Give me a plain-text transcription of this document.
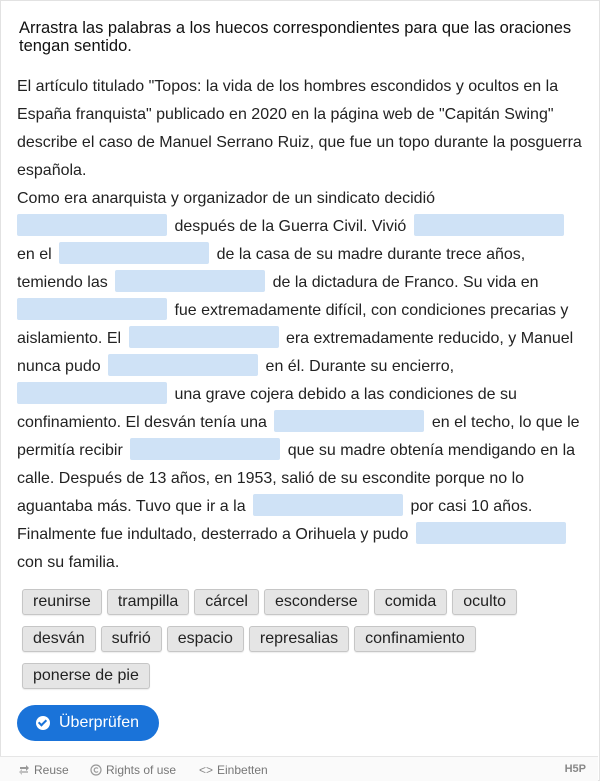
Arrastra las palabras a los huecos correspondientes para que las oraciones tengan sentido.

El artículo titulado "Topos: la vida de los hombres escondidos y ocultos en la España franquista" publicado en 2020 en la página web de "Capitán Swing" describe el caso de Manuel Serrano Ruiz, que fue un topo durante la posguerra española.

Como era anarquista y organizador de un sindicato decidió
después de la Guerra Civil. Vivió  en el	de la casa de su madre durante trece años, temiendo las	de la dictadura de Franco. Su vida en  fue extremadamente difícil, con condiciones precarias y aislamiento. El	era extremadamente reducido, y Manuel nunca pudo	en él. Durante su encierro,  una grave cojera debido a las condiciones de su confinamiento. El desván tenía una	en el techo, lo que le permitía recibir	que su madre obtenía mendigando en la calle. Después de 13 años, en 1953, salió de su escondite porque no lo aguantaba más. Tuvo que ir a la	por casi 10 años. Finalmente fue indultado, desterrado a Orihuela y pudo  con su familia.

reunirse trampilla cárcel esconderse comida ocultodesván sufrió espacio represalias confinamientoponerse de pie
Überprüfen
Reuse	Rights of use <> Einbetten	H5P
